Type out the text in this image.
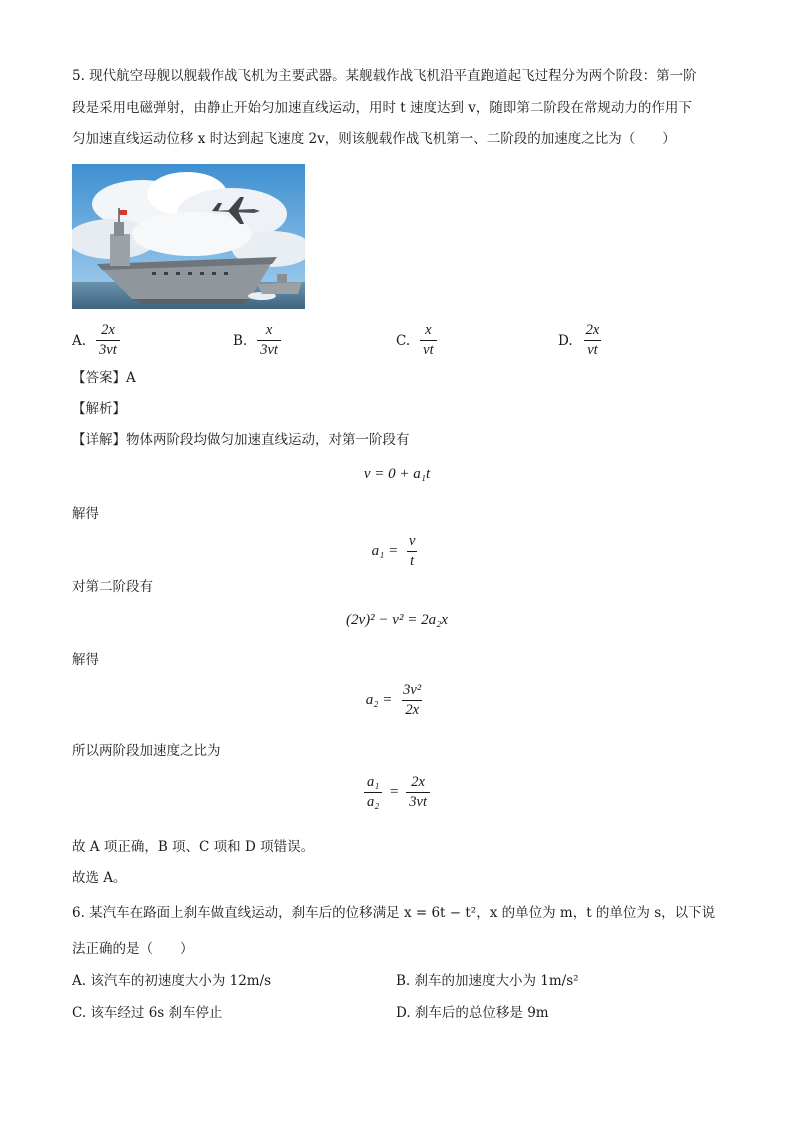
5. 现代航空母舰以舰载作战飞机为主要武器。某舰载作战飞机沿平直跑道起飞过程分为两个阶段：第一阶
段是采用电磁弹射，由静止开始匀加速直线运动，用时 t 速度达到 v，随即第二阶段在常规动力的作用下
匀加速直线运动位移 x 时达到起飞速度 2v，则该舰载作战飞机第一、二阶段的加速度之比为（　　）
A. $\frac{2x}{3vt}$	B. $\frac{x}{3vt}$	C. $\frac{x}{vt}$	D. $\frac{2x}{vt}$
【答案】A
【解析】
【详解】物体两阶段均做匀加速直线运动，对第一阶段有
v = 0 + a₁t
解得
$a_1 = \frac{v}{t}$
对第二阶段有
(2v)² − v² = 2a₂x
解得
$a_2 = \frac{\text{3v²}}{2x}$
所以两阶段加速度之比为
$\frac{\text{a₁}}{\text{a₂}} = \frac{2x}{3vt}$
故 A 项正确，B 项、C 项和 D 项错误。
故选 A。
6. 某汽车在路面上刹车做直线运动，刹车后的位移满足 x = 6t − t²，x 的单位为 m，t 的单位为 s，以下说
法正确的是（　　）
A. 该汽车的初速度大小为 12m/s	B. 刹车的加速度大小为 1m/s²
C. 该车经过 6s 刹车停止	D. 刹车后的总位移是 9m
